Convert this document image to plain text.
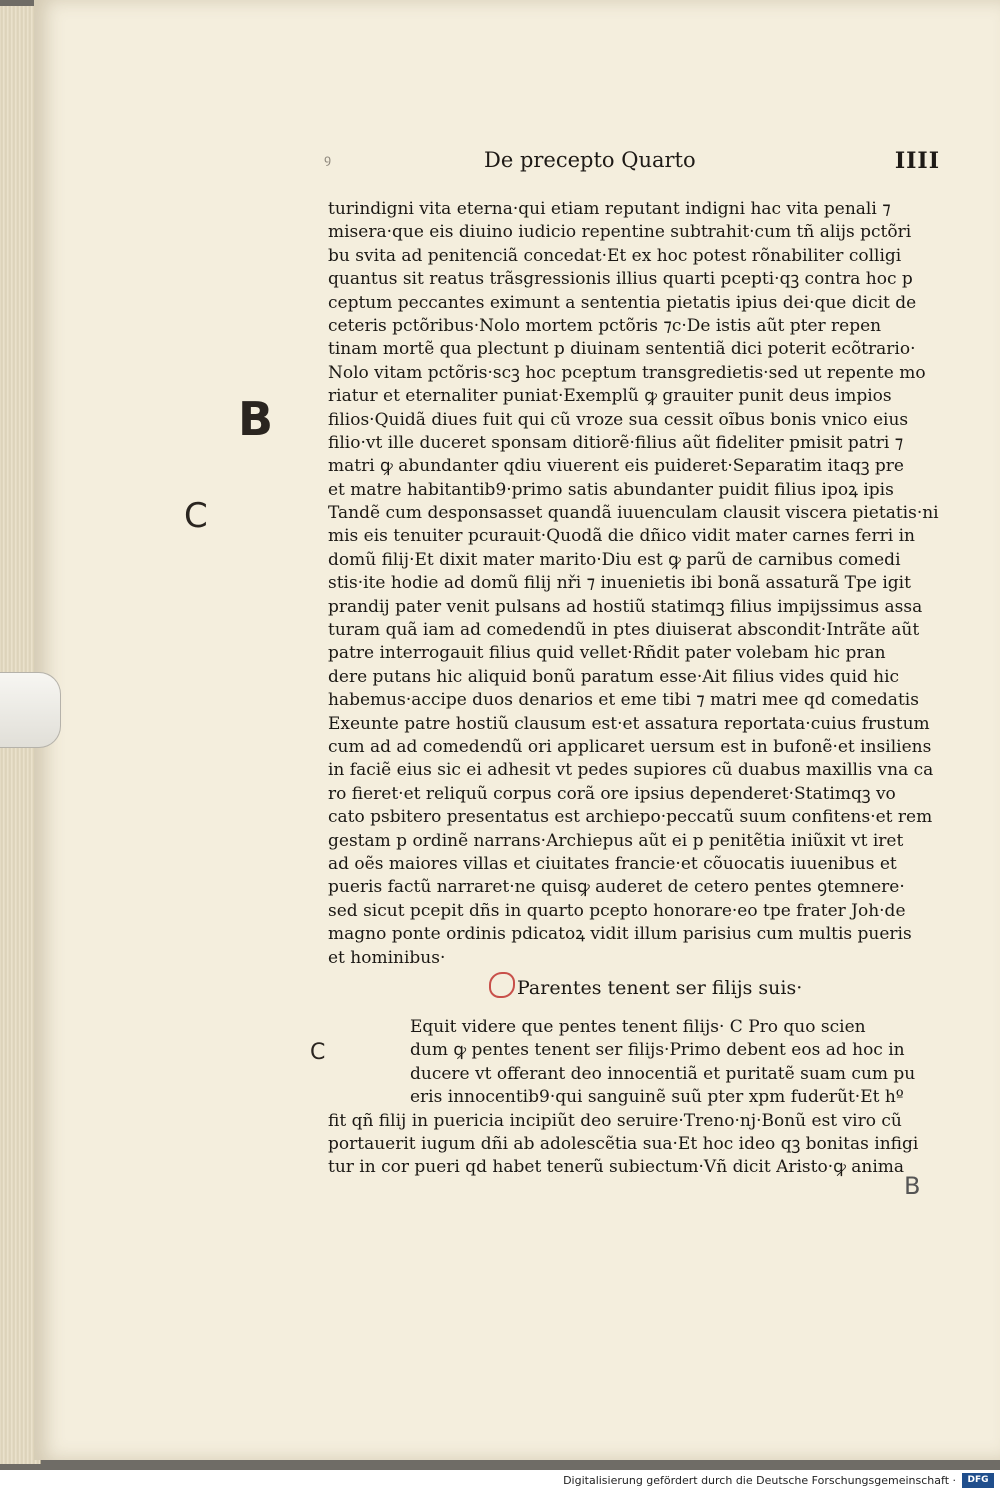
ꝯ	De precepto Quarto	IIII
turindigni vita eterna·qui etiam reputant indigni hac vita penali ⁊
misera·que eis diuino iudicio repentine subtrahit·cum tñ alijs pctõri
bu svita ad penitenciã concedat·Et ex hoc potest rõnabiliter colligi
quantus sit reatus trãsgressionis illius quarti pcepti·qꝫ contra hoc p
ceptum peccantes eximunt a sententia pietatis ipius dei·que dicit de
ceteris pctõribus·Nolo mortem pctõris ⁊c·De istis aũt pter repen
tinam mortẽ qua plectunt p diuinam sententiã dici poterit ecõtrario·
Nolo vitam pctõris·scꝫ hoc pceptum transgredietis·sed ut repente mo
riatur et eternaliter puniat·Exemplũ ꝙ grauiter punit deus impios
filios·Quidã diues fuit qui cũ vroze sua cessit oĩbus bonis vnico eius
filio·vt ille duceret sponsam ditiorẽ·filius aũt fideliter pmisit patri ⁊
matri ꝙ abundanter qdiu viuerent eis puideret·Separatim itaqꝫ pre
et matre habitantib9·primo satis abundanter puidit filius ipoꝝ ipis
Tandẽ cum desponsasset quandã iuuenculam clausit viscera pietatis·ni
mis eis tenuiter pcurauit·Quodã die dñico vidit mater carnes ferri in
domũ filij·Et dixit mater marito·Diu est ꝙ parũ de carnibus comedi
stis·ite hodie ad domũ filij nři ⁊ inuenietis ibi bonã assaturã Tpe igit
prandij pater venit pulsans ad hostiũ statimqꝫ filius impijssimus assa
turam quã iam ad comedendũ in ptes diuiserat abscondit·Intrãte aũt
patre interrogauit filius quid vellet·Rñdit pater volebam hic pran
dere putans hic aliquid bonũ paratum esse·Ait filius vides quid hic
habemus·accipe duos denarios et eme tibi ⁊ matri mee qd comedatis
Exeunte patre hostiũ clausum est·et assatura reportata·cuius frustum
cum ad ad comedendũ ori applicaret uersum est in bufonẽ·et insiliens
in faciẽ eius sic ei adhesit vt pedes supiores cũ duabus maxillis vna ca
ro fieret·et reliquũ corpus corã ore ipsius dependeret·Statimqꝫ vo
cato psbitero presentatus est archiepo·peccatũ suum confitens·et rem
gestam p ordinẽ narrans·Archiepus aũt ei p penitẽtia iniũxit vt iret
ad oẽs maiores villas et ciuitates francie·et cõuocatis iuuenibus et
pueris factũ narraret·ne quisꝙ auderet de cetero pentes ꝯtemnere·
sed sicut pcepit dñs in quarto pcepto honorare·eo tpe frater Joh·de
magno ponte ordinis pdicatoꝝ vidit illum parisius cum multis pueris
et hominibus·
Parentes tenent ser filijs suis·
Equit videre que pentes tenent filijs· C Pro quo scien
dum ꝙ pentes tenent ser filijs·Primo debent eos ad hoc in
ducere vt offerant deo innocentiã et puritatẽ suam cum pu
eris innocentib9·qui sanguinẽ suũ pter xpm fuderũt·Et hº
fit qñ filij in puericia incipiũt deo seruire·Treno·nj·Bonũ est viro cũ
portauerit iugum dñi ab adolescẽtia sua·Et hoc ideo qꝫ bonitas infigi
tur in cor pueri qd habet tenerũ subiectum·Vñ dicit Aristo·ꝙ anima
B
C
C
B
Digitalisierung gefördert durch die Deutsche Forschungsgemeinschaft ·	DFG
